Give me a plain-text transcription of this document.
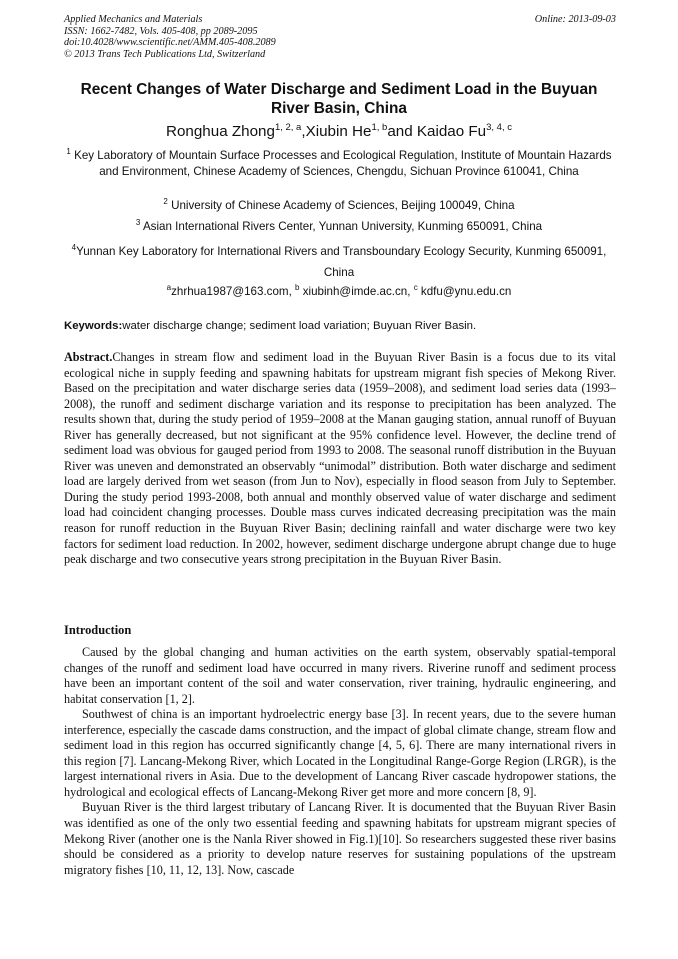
Applied Mechanics and Materials
ISSN: 1662-7482, Vols. 405-408, pp 2089-2095
doi:10.4028/www.scientific.net/AMM.405-408.2089
© 2013 Trans Tech Publications Ltd, Switzerland
Online: 2013-09-03
Recent Changes of Water Discharge and Sediment Load in the Buyuan River Basin, China
Ronghua Zhong$^{1, 2, a}$,Xiubin He$^{1, b}$and Kaidao Fu$^{3, 4, c}$
$^1$ Key Laboratory of Mountain Surface Processes and Ecological Regulation, Institute of Mountain Hazards and Environment, Chinese Academy of Sciences, Chengdu, Sichuan Province 610041, China
$^2$ University of Chinese Academy of Sciences, Beijing 100049, China
$^3$ Asian International Rivers Center, Yunnan University, Kunming 650091, China
$^4$Yunnan Key Laboratory for International Rivers and Transboundary Ecology Security, Kunming 650091, China
$^a$zhrhua1987@163.com, $^b$ xiubinh@imde.ac.cn, $^c$ kdfu@ynu.edu.cn
Keywords:water discharge change; sediment load variation; Buyuan River Basin.

Abstract.Changes in stream flow and sediment load in the Buyuan River Basin is a focus due to its vital ecological niche in supply feeding and spawning habitats for upstream migrant fish species of Mekong River. Based on the precipitation and water discharge series data (1959–2008), and sediment load series data (1993–2008), the runoff and sediment discharge variation and its response to precipitation has been analyzed. The results shown that, during the study period of 1959–2008 at the Manan gauging station, annual runoff of Buyuan River has generally decreased, but not significant at the 95% confidence level. However, the decline trend of sediment load was obvious for gauged period from 1993 to 2008. The seasonal runoff distribution in the Buyuan River was uneven and demonstrated an observably “unimodal” distribution. Both water discharge and sediment load are largely derived from wet season (from Jun to Nov), especially in flood season from July to September. During the study period 1993-2008, both annual and monthly observed value of water discharge and sediment load had coincident changing processes. Double mass curves indicated decreasing precipitation was the main reason for runoff reduction in the Buyuan River Basin; declining rainfall and water discharge were two key factors for sediment load reduction. In 2002, however, sediment discharge undergone abrupt change due to huge peak discharge and two consecutive years strong precipitation in the Buyuan River Basin.

Introduction

Caused by the global changing and human activities on the earth system, observably spatial-temporal changes of the runoff and sediment load have occurred in many rivers. Riverine runoff and sediment process have been an important content of the soil and water conservation, river training, hydraulic engineering, and habitat conservation [1, 2].

Southwest of china is an important hydroelectric energy base [3]. In recent years, due to the severe human interference, especially the cascade dams construction, and the impact of global climate change, stream flow and sediment load in this region has occurred significantly change [4, 5, 6]. There are many international rivers in this region [7]. Lancang-Mekong River, which Located in the Longitudinal Range-Gorge Region (LRGR), is the largest international rivers in Asia. Due to the development of Lancang River cascade hydropower stations, the hydrological and ecological effects of Lancang-Mekong River get more and more concern [8, 9].

Buyuan River is the third largest tributary of Lancang River. It is documented that the Buyuan River Basin was identified as one of the only two essential feeding and spawning habitats for upstream migrant species of Mekong River (another one is the Nanla River showed in Fig.1)[10]. So researchers suggested these river basins should be considered as a priority to develop nature reserves for sustaining populations of the upstream migratory fishes [10, 11, 12, 13]. Now, cascade
